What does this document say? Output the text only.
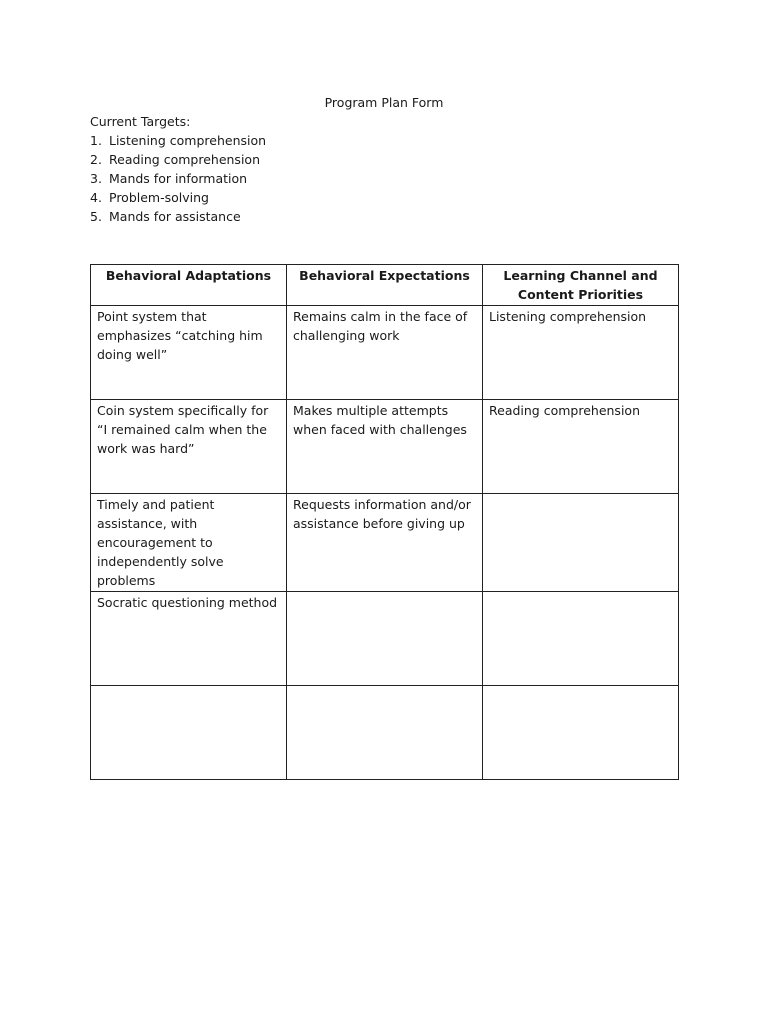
Program Plan Form

Current Targets:

1. Listening comprehension
2. Reading comprehension
3. Mands for information
4. Problem-solving
5. Mands for assistance
Behavioral Adaptations	Behavioral Expectations	Learning Channel and Content Priorities
Point system that emphasizes “catching him doing well”	Remains calm in the face of challenging work	Listening comprehension
Coin system specifically for “I remained calm when the work was hard”	Makes multiple attempts when faced with challenges	Reading comprehension
Timely and patient assistance, with encouragement to independently solve problems	Requests information and/or assistance before giving up	
Socratic questioning method		
